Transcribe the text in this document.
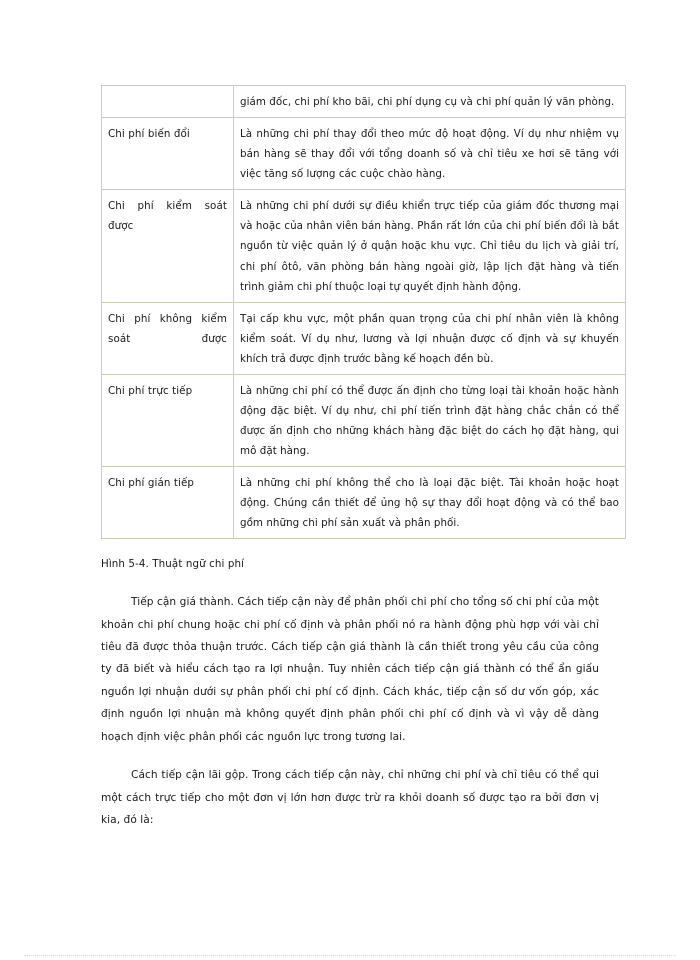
	giám đốc, chi phí kho bãi, chi phí dụng cụ và chi phí quản lý văn phòng.
Chi phí biến đổi	Là những chi phí thay đổi theo mức độ hoạt động. Ví dụ như nhiệm vụ bán hàng sẽ thay đổi với tổng doanh số và chỉ tiêu xe hơi sẽ tăng với việc tăng số lượng các cuộc chào hàng.
Chi phí kiểm soát được	Là những chi phí dưới sự điều khiển trực tiếp của giám đốc thương mại và hoặc của nhân viên bán hàng. Phần rất lớn của chi phí biến đổi là bắt nguồn từ việc quản lý ở quận hoặc khu vực. Chỉ tiêu du lịch và giải trí, chi phí ôtô, văn phòng bán hàng ngoài giờ, lập lịch đặt hàng và tiến trình giảm chi phí thuộc loại tự quyết định hành động.
Chi phí không kiểm soát được	Tại cấp khu vực, một phần quan trọng của chi phí nhân viên là không kiểm soát. Ví dụ như, lương và lợi nhuận được cố định và sự khuyến khích trả được định trước bằng kế hoạch đền bù.
Chi phí trực tiếp	Là những chi phí có thể được ấn định cho từng loại tài khoản hoặc hành động đặc biệt. Ví dụ như, chi phí tiến trình đặt hàng chắc chắn có thể được ấn định cho những khách hàng đặc biệt do cách họ đặt hàng, qui mô đặt hàng.
Chi phí gián tiếp	Là những chi phí không thể cho là loại đặc biệt. Tài khoản hoặc hoạt động. Chúng cần thiết để ủng hộ sự thay đổi hoạt động và có thể bao gồm những chi phí sản xuất và phân phối.
Hình 5-4. Thuật ngữ chi phí
Tiếp cận giá thành. Cách tiếp cận này để phân phối chi phí cho tổng số chi phí của một khoản chi phí chung hoặc chi phí cố định và phân phối nó ra hành động phù hợp với vài chỉ tiêu đã được thỏa thuận trước. Cách tiếp cận giá thành là cần thiết trong yêu cầu của công ty đã biết và hiểu cách tạo ra lợi nhuận. Tuy nhiên cách tiếp cận giá thành có thể ẩn giấu nguồn lợi nhuận dưới sự phân phối chi phí cố định. Cách khác, tiếp cận số dư vốn góp, xác định nguồn lợi nhuận mà không quyết định phân phối chi phí cố định và vì vậy dễ dàng hoạch định việc phân phối các nguồn lực trong tương lai.
Cách tiếp cận lãi gộp. Trong cách tiếp cận này, chỉ những chi phí và chỉ tiêu có thể qui một cách trực tiếp cho một đơn vị lớn hơn được trừ ra khỏi doanh số được tạo ra bởi đơn vị kia, đó là:
